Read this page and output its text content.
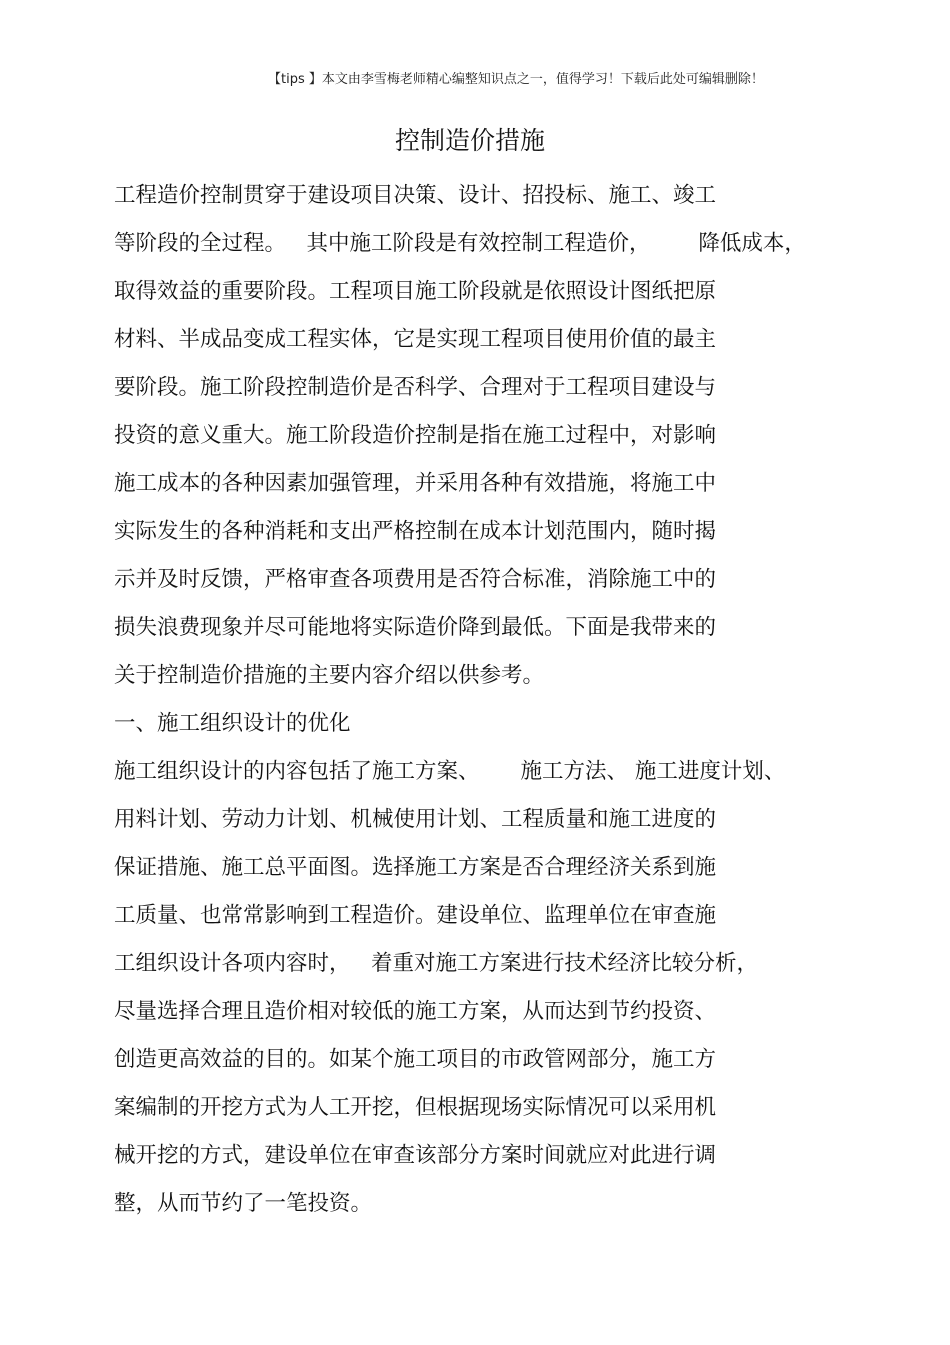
【tips 】本文由李雪梅老师精心编整知识点之一，值得学习！下载后此处可编辑删除！
控制造价措施
工程造价控制贯穿于建设项目决策、设计、招投标、施工、竣工
等阶段的全过程。   其中施工阶段是有效控制工程造价，       降低成本，
取得效益的重要阶段。工程项目施工阶段就是依照设计图纸把原
材料、半成品变成工程实体，它是实现工程项目使用价值的最主
要阶段。施工阶段控制造价是否科学、合理对于工程项目建设与
投资的意义重大。施工阶段造价控制是指在施工过程中，对影响
施工成本的各种因素加强管理，并采用各种有效措施，将施工中
实际发生的各种消耗和支出严格控制在成本计划范围内，随时揭
示并及时反馈，严格审查各项费用是否符合标准，消除施工中的
损失浪费现象并尽可能地将实际造价降到最低。下面是我带来的
关于控制造价措施的主要内容介绍以供参考。
一、施工组织设计的优化
施工组织设计的内容包括了施工方案、      施工方法、 施工进度计划、
用料计划、劳动力计划、机械使用计划、工程质量和施工进度的
保证措施、施工总平面图。选择施工方案是否合理经济关系到施
工质量、也常常影响到工程造价。建设单位、监理单位在审查施
工组织设计各项内容时，   着重对施工方案进行技术经济比较分析，
尽量选择合理且造价相对较低的施工方案，从而达到节约投资、
创造更高效益的目的。如某个施工项目的市政管网部分，施工方
案编制的开挖方式为人工开挖，但根据现场实际情况可以采用机
械开挖的方式，建设单位在审查该部分方案时间就应对此进行调
整，从而节约了一笔投资。
